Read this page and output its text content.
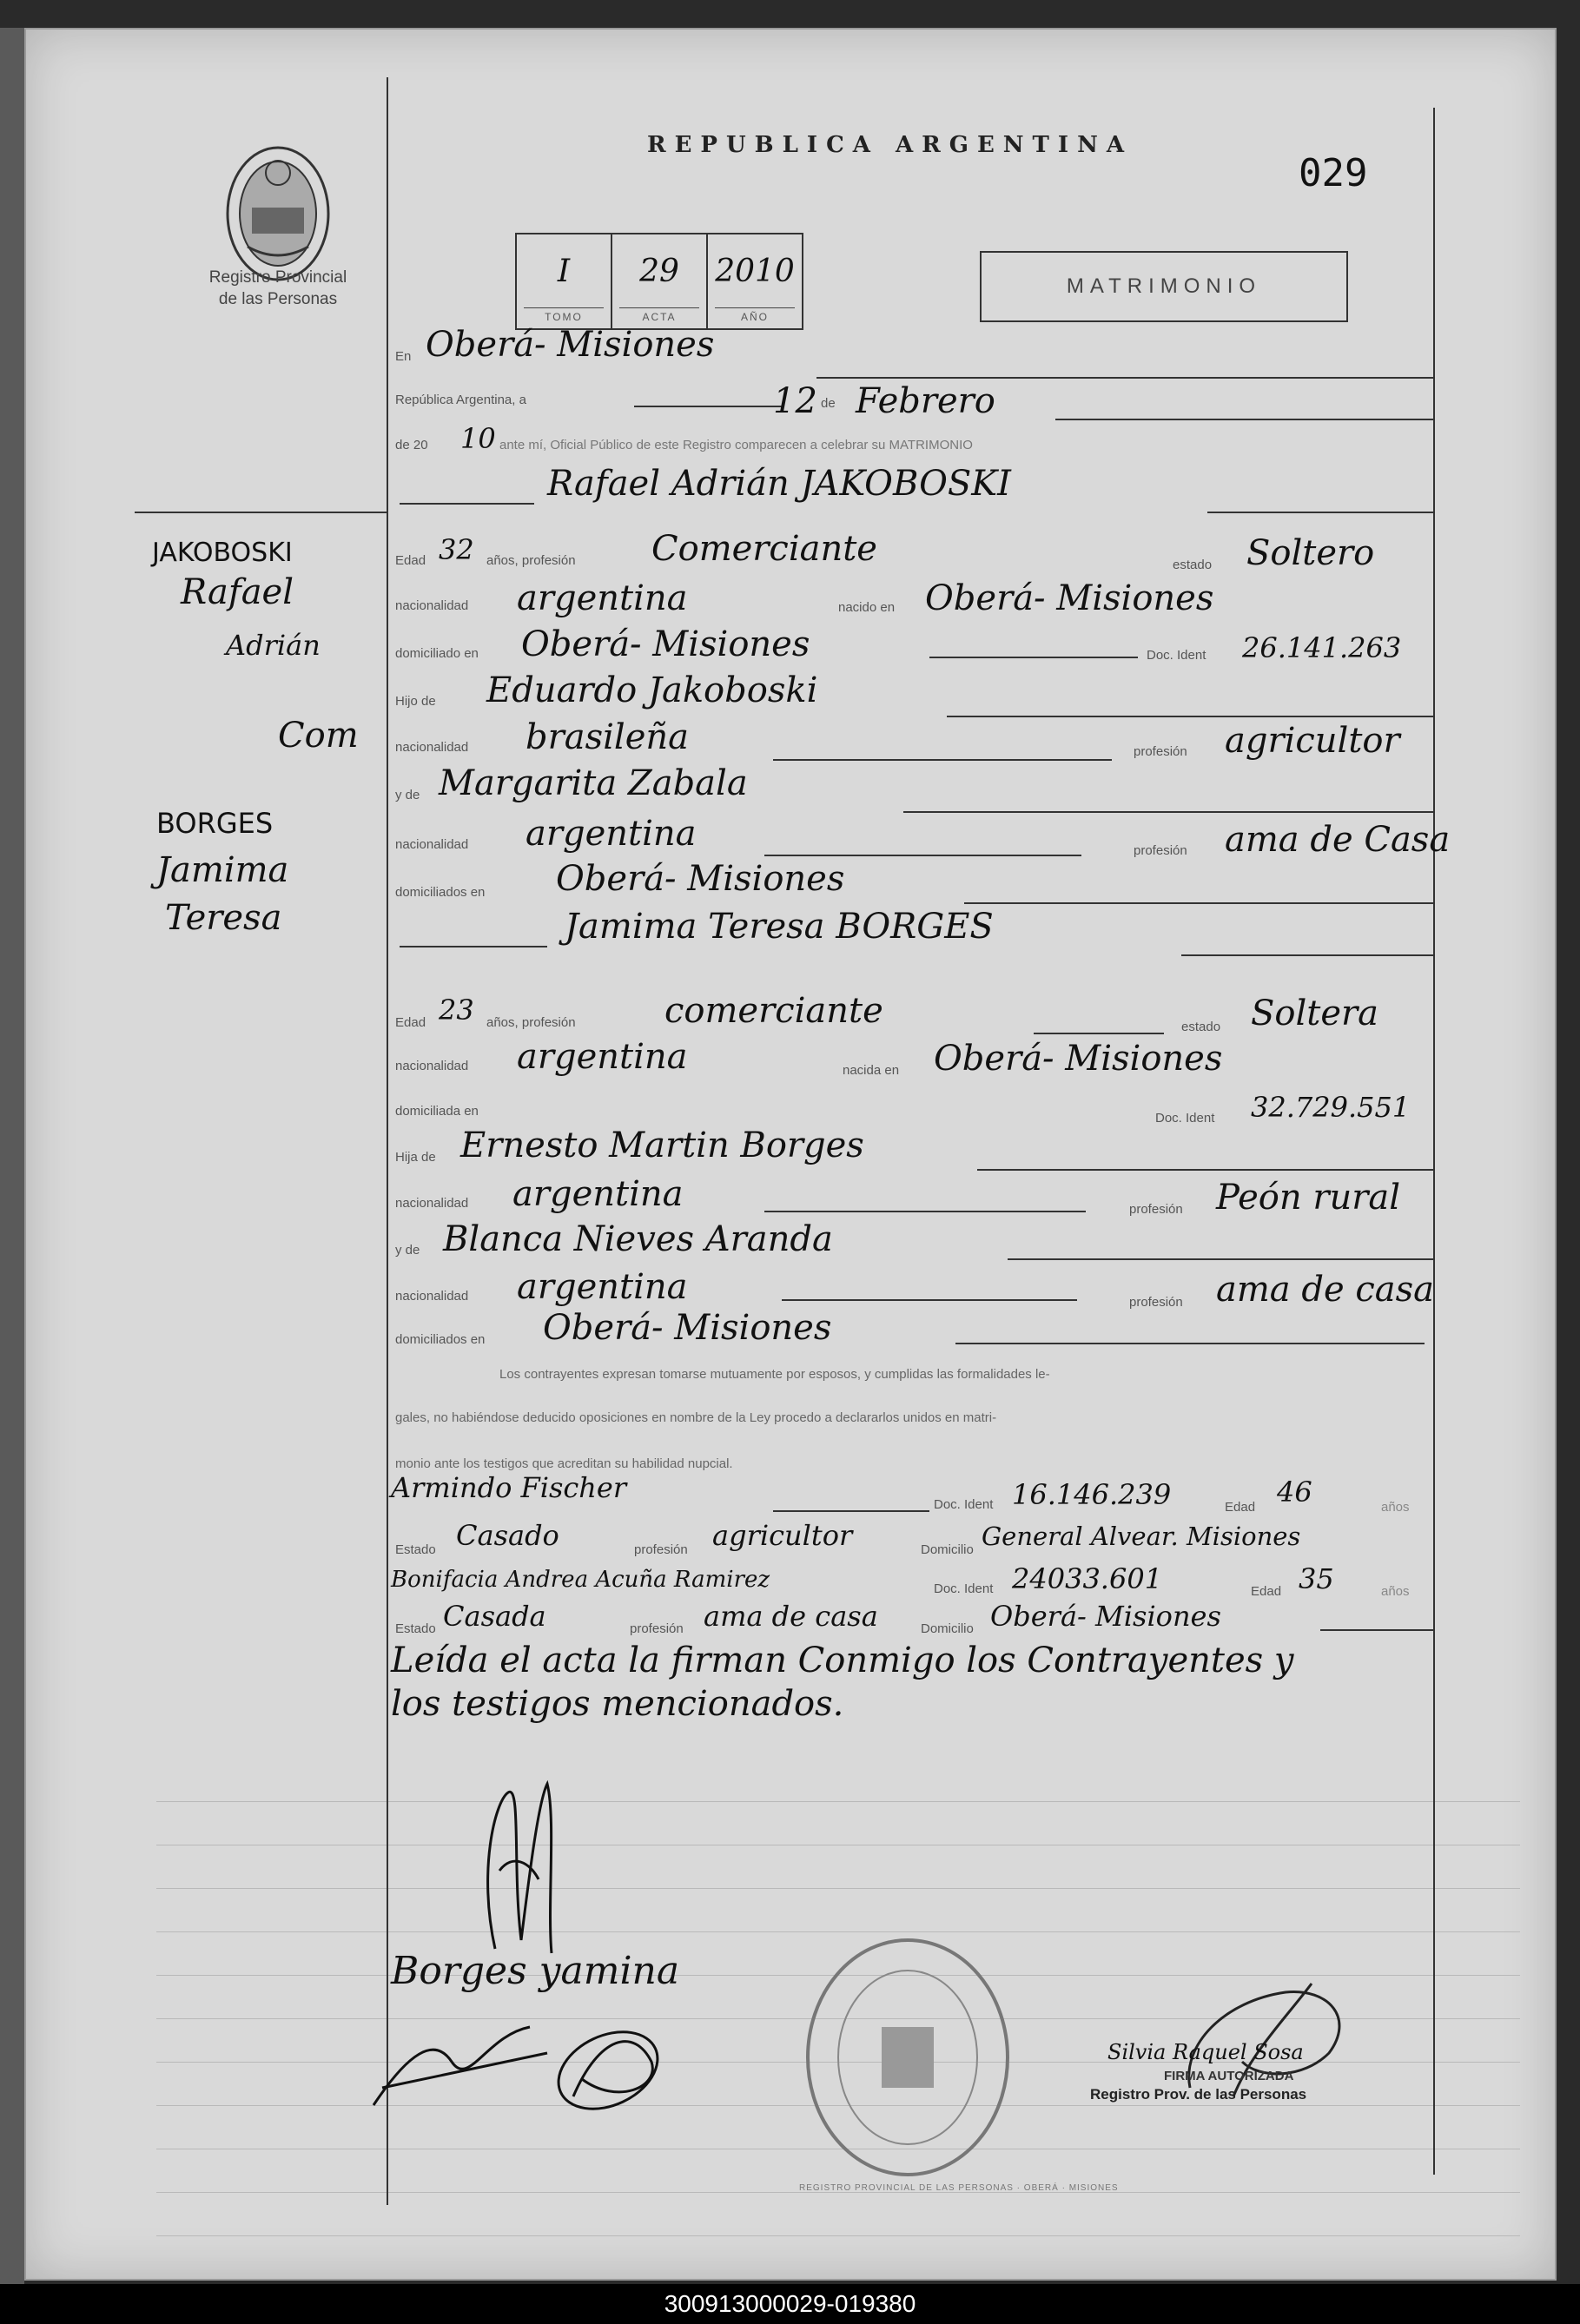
Registro Provincial
de las Personas
REPUBLICA ARGENTINA
029
I
TOMO
29
ACTA
2010
AÑO
MATRIMONIO
JAKOBOSKI
Rafael
Adrián
Com
BORGES
Jamima
Teresa
En Oberá- Misiones
República Argentina, a	12 de Febrero
de 20 10 ante mí, Oficial Público de este Registro comparecen a celebrar su MATRIMONIO
Rafael Adrián JAKOBOSKI
Edad 32 años, profesión Comerciante	estado Soltero
nacionalidad argentina	nacido en Oberá- Misiones
domiciliado en Oberá- Misiones	Doc. Ident 26.141.263
Hijo de Eduardo Jakoboski
nacionalidad brasileña	profesión agricultor
y de Margarita Zabala
nacionalidad argentina	profesión ama de Casa
domiciliados en Oberá- Misiones
Jamima Teresa BORGES
Edad 23 años, profesión	comerciante	estado Soltera
nacionalidad argentina	nacida en Oberá- Misiones
domiciliada en	Doc. Ident 32.729.551
Hija de Ernesto Martin Borges
nacionalidad argentina	profesión Peón rural
y de Blanca Nieves Aranda
nacionalidad argentina	profesión ama de casa
domiciliados en Oberá- Misiones
Los contrayentes expresan tomarse mutuamente por esposos, y cumplidas las formalidades le-
gales, no habiéndose deducido oposiciones en nombre de la Ley procedo a declararlos unidos en matri-
monio ante los testigos que acreditan su habilidad nupcial.
Armindo Fischer
Doc. Ident 16.146.239	Edad 46	años
Estado Casado	profesión agricultor	Domicilio General Alvear. Misiones
Bonifacia Andrea Acuña Ramirez	Doc. Ident 24033.601	Edad 35	años
Estado Casada	profesión ama de casa	Domicilio Oberá- Misiones
Leída el acta la firman Conmigo los Contrayentes y
los testigos mencionados.
Borges yamina
REGISTRO PROVINCIAL DE LAS PERSONAS · OBERÁ · MISIONES
Silvia Raquel Sosa
FIRMA AUTORIZADA
Registro Prov. de las Personas
300913000029-019380
